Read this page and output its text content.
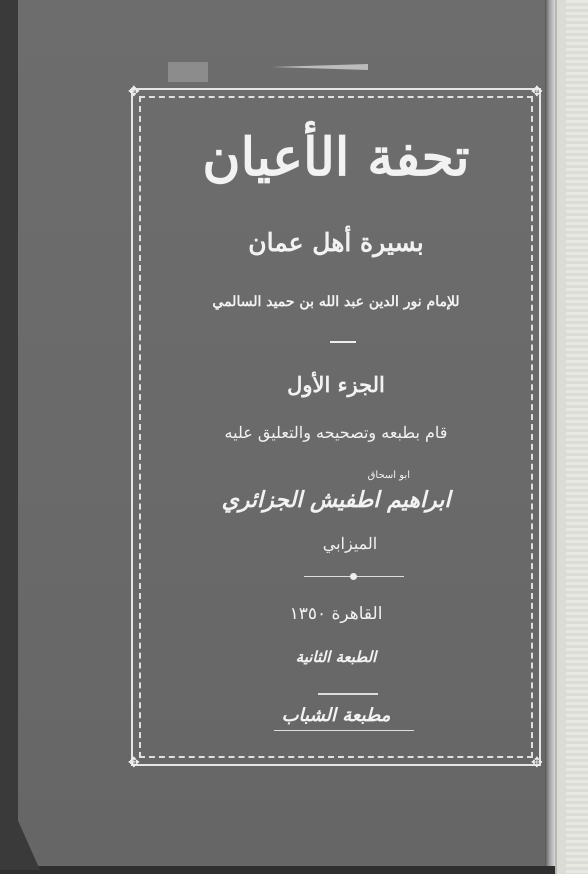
✥	✥
✥	✥
تحفة الأعيان
بسيرة أهل عمان
للإمام نور الدين عبد الله بن حميد السالمي
الجزء الأول
قام بطبعه وتصحيحه والتعليق عليه
ابو اسحاق
ابراهيم اطفيش الجزائري
الميزابي
القاهرة ١٣٥٠
الطبعة الثانية
مطبعة الشباب
